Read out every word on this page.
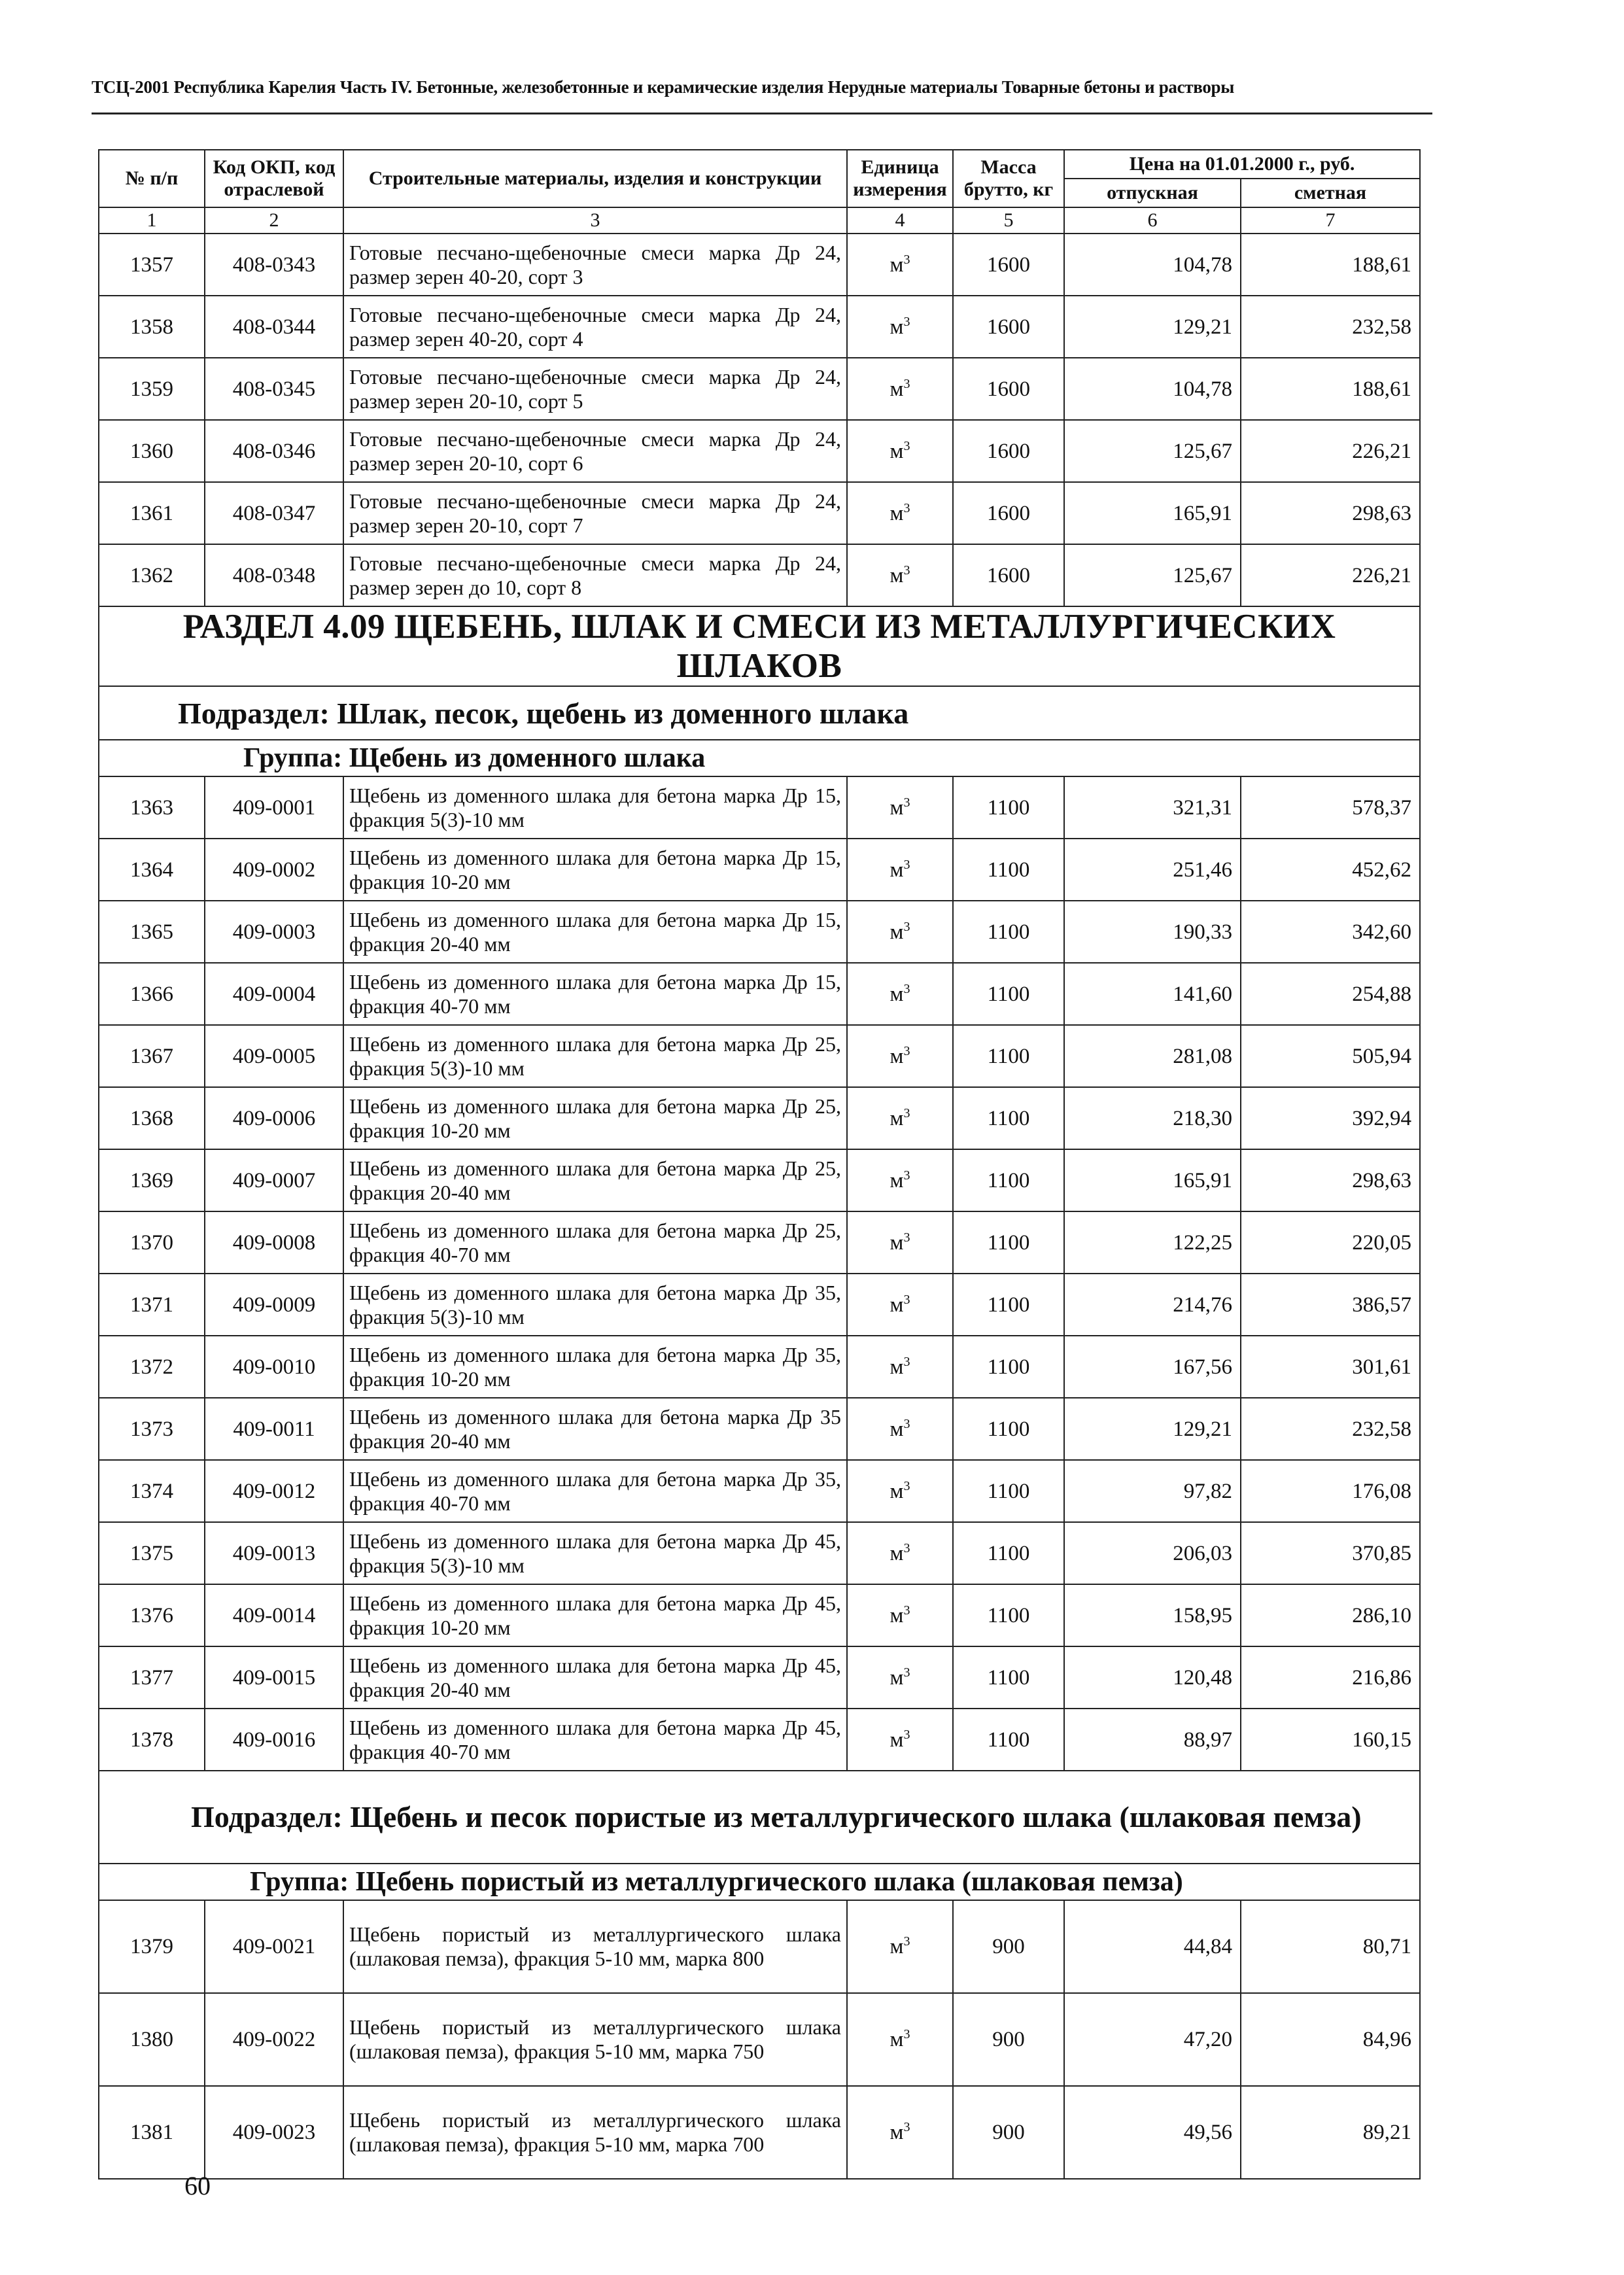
ТСЦ-2001 Республика Карелия Часть IV. Бетонные, железобетонные и керамические изделия Нерудные материалы Товарные бетоны и растворы
№ п/п	Код ОКП, код отраслевой	Строительные материалы, изделия и конструкции	Единица измерения	Масса брутто, кг	Цена на 01.01.2000 г., руб.	
					отпускная	сметная
1	2	3	4	5	6	7
1357	408-0343	Готовые песчано-щебеночные смеси марка Др 24, размер зерен 40-20, сорт 3	$м^3$	1600	104,78	188,61
1358	408-0344	Готовые песчано-щебеночные смеси марка Др 24, размер зерен 40-20, сорт 4	$м^3$	1600	129,21	232,58
1359	408-0345	Готовые песчано-щебеночные смеси марка Др 24, размер зерен 20-10, сорт 5	$м^3$	1600	104,78	188,61
1360	408-0346	Готовые песчано-щебеночные смеси марка Др 24, размер зерен 20-10, сорт 6	$м^3$	1600	125,67	226,21
1361	408-0347	Готовые песчано-щебеночные смеси марка Др 24, размер зерен 20-10, сорт 7	$м^3$	1600	165,91	298,63
1362	408-0348	Готовые песчано-щебеночные смеси марка Др 24, размер зерен до 10, сорт 8	$м^3$	1600	125,67	226,21
РАЗДЕЛ 4.09 ЩЕБЕНЬ, ШЛАК И СМЕСИ ИЗ МЕТАЛЛУРГИЧЕСКИХ ШЛАКОВ						
Подраздел: Шлак, песок, щебень из доменного шлака						
Группа: Щебень из доменного шлака						
1363	409-0001	Щебень из доменного шлака для бетона марка Др 15, фракция 5(3)-10 мм	$м^3$	1100	321,31	578,37
1364	409-0002	Щебень из доменного шлака для бетона марка Др 15, фракция 10-20 мм	$м^3$	1100	251,46	452,62
1365	409-0003	Щебень из доменного шлака для бетона марка Др 15, фракция 20-40 мм	$м^3$	1100	190,33	342,60
1366	409-0004	Щебень из доменного шлака для бетона марка Др 15, фракция 40-70 мм	$м^3$	1100	141,60	254,88
1367	409-0005	Щебень из доменного шлака для бетона марка Др 25, фракция 5(3)-10 мм	$м^3$	1100	281,08	505,94
1368	409-0006	Щебень из доменного шлака для бетона марка Др 25, фракция 10-20 мм	$м^3$	1100	218,30	392,94
1369	409-0007	Щебень из доменного шлака для бетона марка Др 25, фракция 20-40 мм	$м^3$	1100	165,91	298,63
1370	409-0008	Щебень из доменного шлака для бетона марка Др 25, фракция 40-70 мм	$м^3$	1100	122,25	220,05
1371	409-0009	Щебень из доменного шлака для бетона марка Др 35, фракция 5(3)-10 мм	$м^3$	1100	214,76	386,57
1372	409-0010	Щебень из доменного шлака для бетона марка Др 35, фракция 10-20 мм	$м^3$	1100	167,56	301,61
1373	409-0011	Щебень из доменного шлака для бетона марка Др 35 фракция 20-40 мм	$м^3$	1100	129,21	232,58
1374	409-0012	Щебень из доменного шлака для бетона марка Др 35, фракция 40-70 мм	$м^3$	1100	97,82	176,08
1375	409-0013	Щебень из доменного шлака для бетона марка Др 45, фракция 5(3)-10 мм	$м^3$	1100	206,03	370,85
1376	409-0014	Щебень из доменного шлака для бетона марка Др 45, фракция 10-20 мм	$м^3$	1100	158,95	286,10
1377	409-0015	Щебень из доменного шлака для бетона марка Др 45, фракция 20-40 мм	$м^3$	1100	120,48	216,86
1378	409-0016	Щебень из доменного шлака для бетона марка Др 45, фракция 40-70 мм	$м^3$	1100	88,97	160,15
Подраздел: Щебень и песок пористые из металлургического шлака (шлаковая пемза)						
Группа: Щебень пористый из металлургического шлака (шлаковая пемза)						
1379	409-0021	Щебень пористый из металлургического шлака (шлаковая пемза), фракция 5-10 мм, марка 800	$м^3$	900	44,84	80,71
1380	409-0022	Щебень пористый из металлургического шлака (шлаковая пемза), фракция 5-10 мм, марка 750	$м^3$	900	47,20	84,96
1381	409-0023	Щебень пористый из металлургического шлака (шлаковая пемза), фракция 5-10 мм, марка 700	$м^3$	900	49,56	89,21
60
